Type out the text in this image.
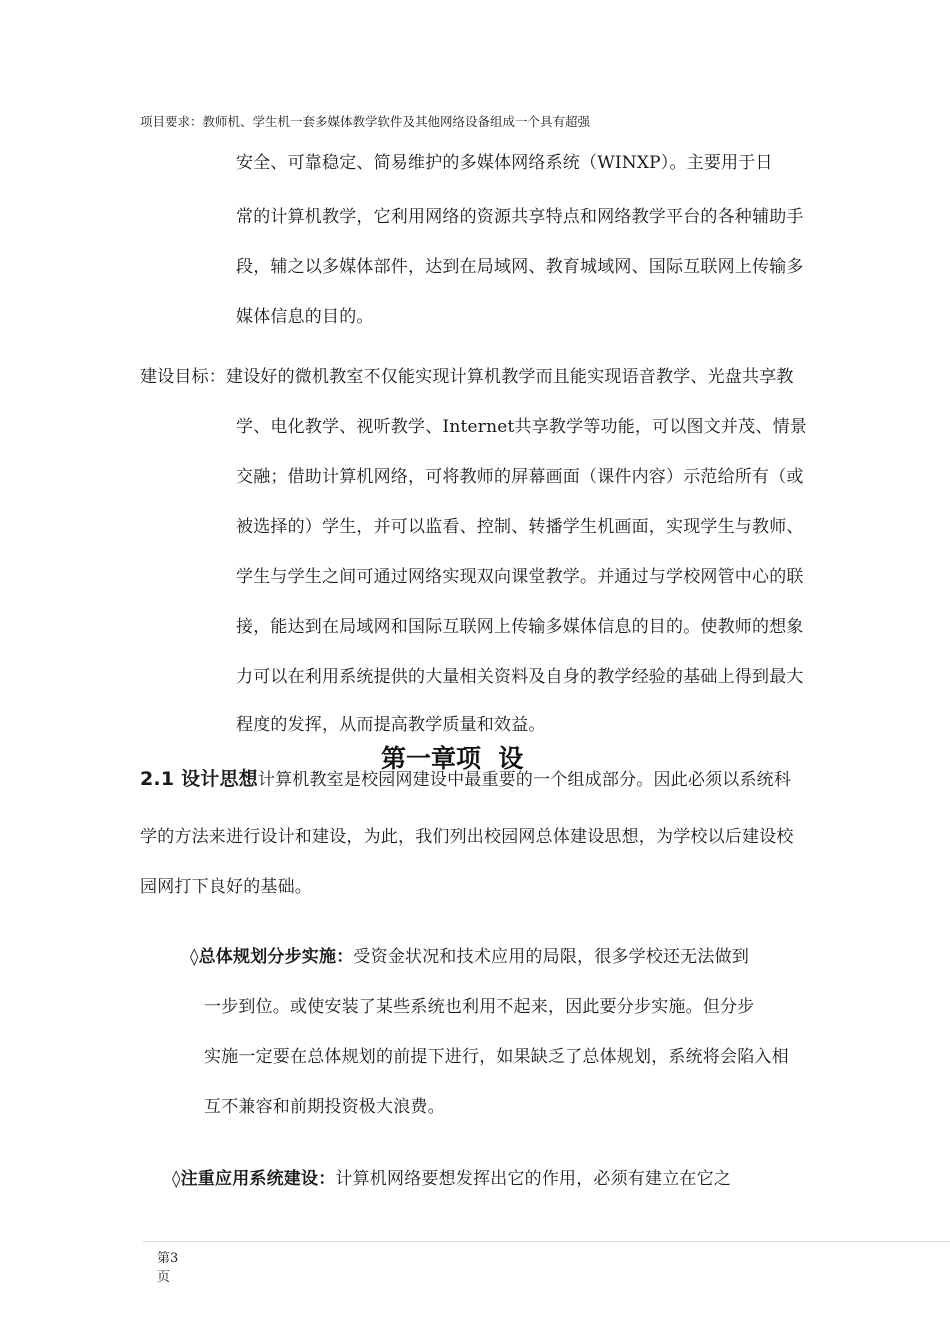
项目要求：教师机、学生机一套多媒体教学软件及其他网络设备组成一个具有超强
安全、可靠稳定、简易维护的多媒体网络系统（WINXP）。主要用于日
常的计算机教学，它利用网络的资源共享特点和网络教学平台的各种辅助手
段，辅之以多媒体部件，达到在局域网、教育城域网、国际互联网上传输多
媒体信息的目的。
建设目标：建设好的微机教室不仅能实现计算机教学而且能实现语音教学、光盘共享教
学、电化教学、视听教学、Internet共享教学等功能，可以图文并茂、情景
交融；借助计算机网络，可将教师的屏幕画面（课件内容）示范给所有（或
被选择的）学生，并可以监看、控制、转播学生机画面，实现学生与教师、
学生与学生之间可通过网络实现双向课堂教学。并通过与学校网管中心的联
接，能达到在局域网和国际互联网上传输多媒体信息的目的。使教师的想象
力可以在利用系统提供的大量相关资料及自身的教学经验的基础上得到最大
程度的发挥，从而提高教学质量和效益。
第一章项  设
2.1 设计思想计算机教室是校园网建设中最重要的一个组成部分。因此必须以系统科
学的方法来进行设计和建设，为此，我们列出校园网总体建设思想，为学校以后建设校
园网打下良好的基础。
◊总体规划分步实施：受资金状况和技术应用的局限，很多学校还无法做到
一步到位。或使安装了某些系统也利用不起来，因此要分步实施。但分步
实施一定要在总体规划的前提下进行，如果缺乏了总体规划，系统将会陷入相
互不兼容和前期投资极大浪费。
◊注重应用系统建设：计算机网络要想发挥出它的作用，必须有建立在它之
第3页
